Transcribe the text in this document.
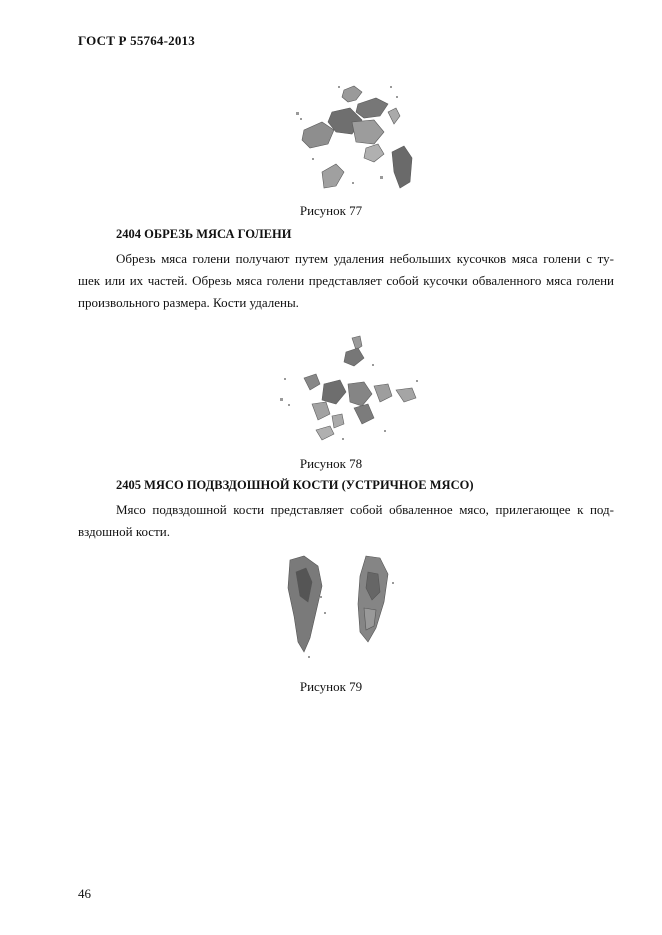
ГОСТ Р 55764-2013
Рисунок 77
2404 ОБРЕЗЬ МЯСА ГОЛЕНИ
Обрезь мяса голени получают путем удаления небольших кусочков мяса голени с ту-
шек или их частей. Обрезь мяса голени представляет собой кусочки обваленного мяса голени
произвольного размера. Кости удалены.
Рисунок 78
2405 МЯСО ПОДВЗДОШНОЙ КОСТИ (УСТРИЧНОЕ МЯСО)
Мясо подвздошной кости представляет собой обваленное мясо, прилегающее к под-
вздошной кости.
Рисунок 79
46
